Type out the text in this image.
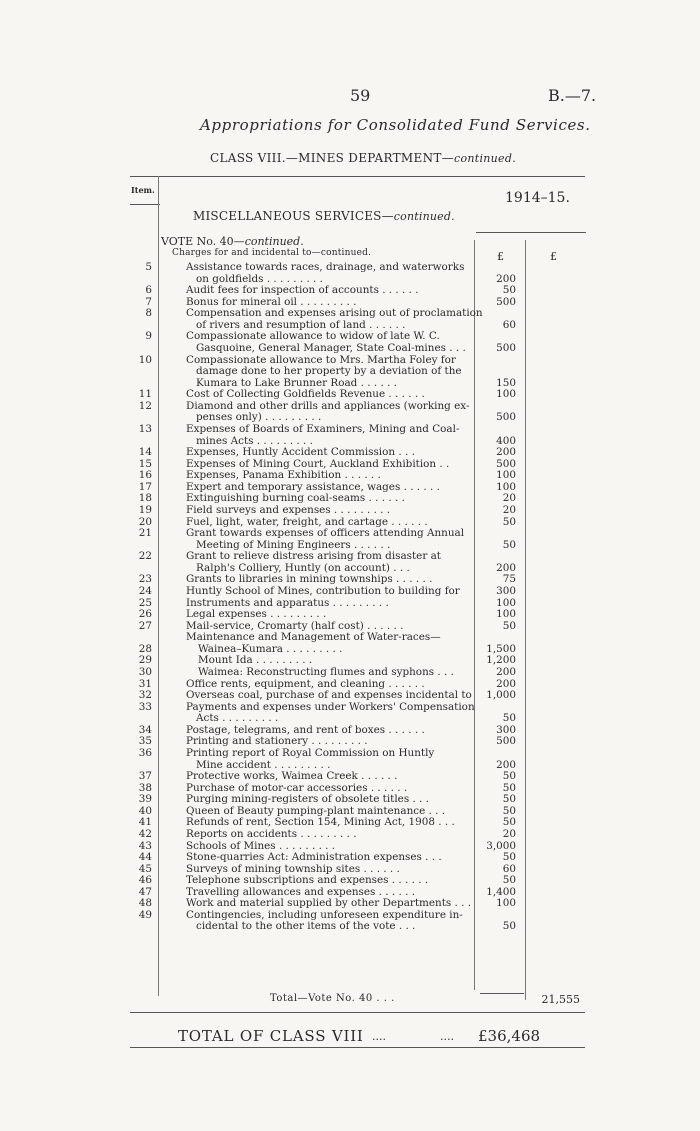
59	B.—7.
Appropriations for Consolidated Fund Services.
CLASS VIII.—MINES DEPARTMENT—continued.
Item.	1914–15.
MISCELLANEOUS SERVICES—continued.
VOTE No. 40—continued.
Charges for and incidental to—continued.	£	£
5	Assistance towards races, drainage, and waterworks
on goldfields . . . . . . . . .	200
6	Audit fees for inspection of accounts . . . . . .	50
7	Bonus for mineral oil . . . . . . . . .	500
8	Compensation and expenses arising out of proclamation
of rivers and resumption of land . . . . . .	60
9	Compassionate allowance to widow of late W. C.
Gasquoine, General Manager, State Coal-mines . . .	500
10	Compassionate allowance to Mrs. Martha Foley for
damage done to her property by a deviation of the
Kumara to Lake Brunner Road . . . . . .	150
11	Cost of Collecting Goldfields Revenue . . . . . .	100
12	Diamond and other drills and appliances (working ex-
penses only) . . . . . . . . .	500
13	Expenses of Boards of Examiners, Mining and Coal-
mines Acts . . . . . . . . .	400
14	Expenses, Huntly Accident Commission . . .	200
15	Expenses of Mining Court, Auckland Exhibition . .	500
16	Expenses, Panama Exhibition . . . . . .	100
17	Expert and temporary assistance, wages . . . . . .	100
18	Extinguishing burning coal-seams . . . . . .	20
19	Field surveys and expenses . . . . . . . . .	20
20	Fuel, light, water, freight, and cartage . . . . . .	50
21	Grant towards expenses of officers attending Annual
Meeting of Mining Engineers . . . . . .	50
22	Grant to relieve distress arising from disaster at
Ralph's Colliery, Huntly (on account) . . .	200
23	Grants to libraries in mining townships . . . . . .	75
24	Huntly School of Mines, contribution to building for	300
25	Instruments and apparatus . . . . . . . . .	100
26	Legal expenses . . . . . . . . .	100
27	Mail-service, Cromarty (half cost) . . . . . .	50
Maintenance and Management of Water-races—
28	Wainea–Kumara . . . . . . . . .	1,500
29	Mount Ida . . . . . . . . .	1,200
30	Waimea: Reconstructing flumes and syphons . . .	200
31	Office rents, equipment, and cleaning . . . . . .	200
32	Overseas coal, purchase of and expenses incidental to 1,000
33	Payments and expenses under Workers' Compensation
Acts . . . . . . . . .	50
34	Postage, telegrams, and rent of boxes . . . . . .	300
35	Printing and stationery . . . . . . . . .	500
36	Printing report of Royal Commission on Huntly
Mine accident . . . . . . . . .	200
37	Protective works, Waimea Creek . . . . . .	50
38	Purchase of motor-car accessories . . . . . .	50
39	Purging mining-registers of obsolete titles . . .	50
40	Queen of Beauty pumping-plant maintenance . . .	50
41	Refunds of rent, Section 154, Mining Act, 1908 . . .	50
42	Reports on accidents . . . . . . . . .	20
43	Schools of Mines . . . . . . . . .	3,000
44	Stone-quarries Act: Administration expenses . . .	50
45	Surveys of mining township sites . . . . . .	60
46	Telephone subscriptions and expenses . . . . . .	50
47	Travelling allowances and expenses . . . . . .	1,400
48	Work and material supplied by other Departments . . . 100
49	Contingencies, including unforeseen expenditure in-
cidental to the other items of the vote . . .	50
Total—Vote No. 40 . . .	21,555
TOTAL OF CLASS VIII ....	.... £36,468
